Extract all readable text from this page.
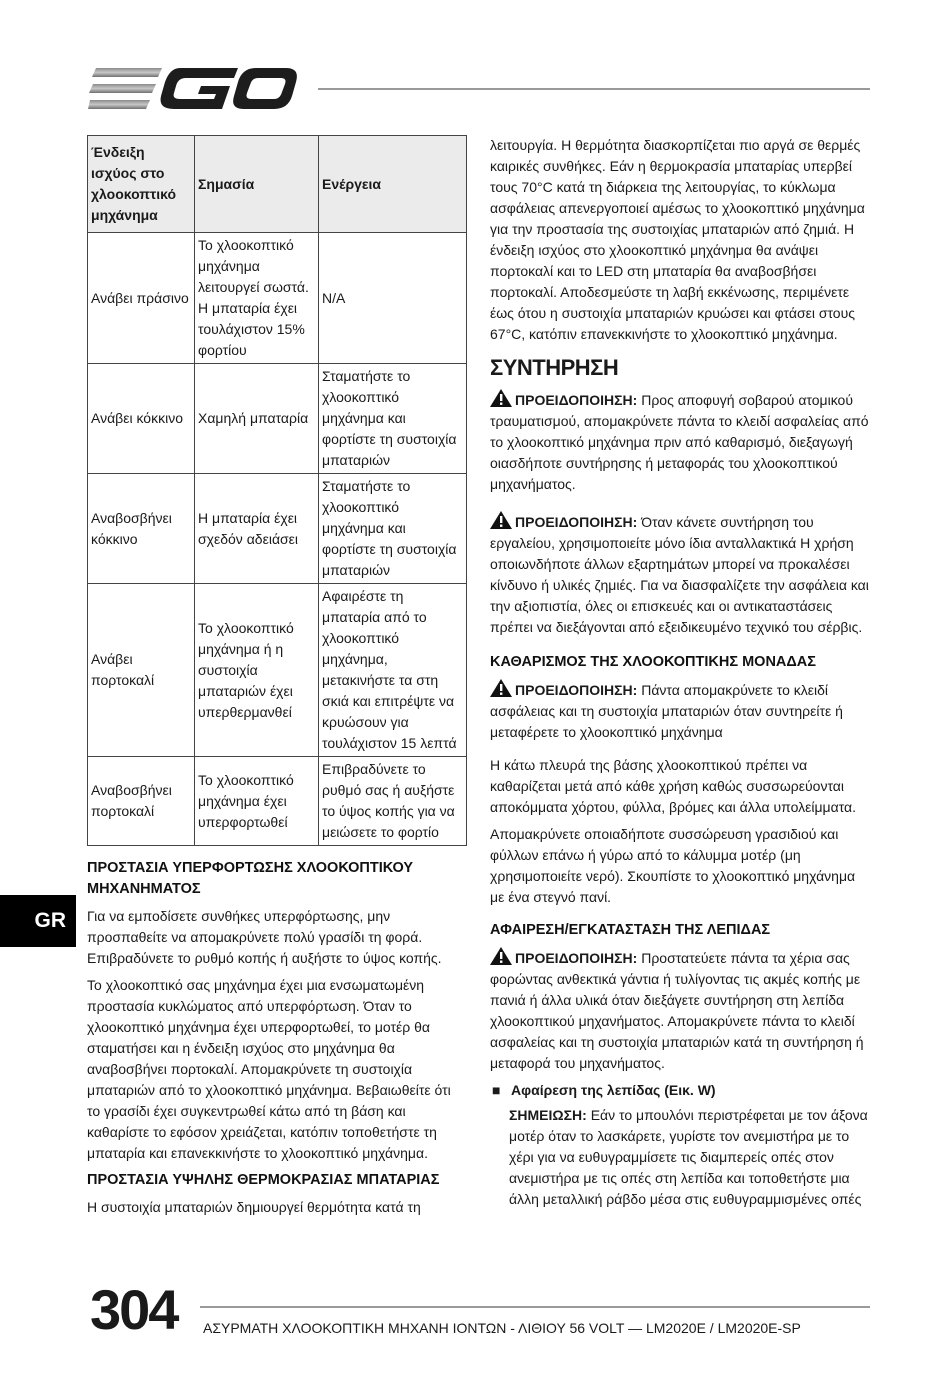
Ένδειξη ισχύος στο χλοοκοπτικό μηχάνημα	Σημασία	Ενέργεια
Ανάβει πράσινο	Το χλοοκοπτικό μηχάνημα λειτουργεί σωστά. Η μπαταρία έχει τουλάχιστον 15% φορτίου	N/A
Ανάβει κόκκινο	Χαμηλή μπαταρία	Σταματήστε το χλοοκοπτικό μηχάνημα και φορτίστε τη συστοιχία μπαταριών
Αναβοσβήνει κόκκινο	Η μπαταρία έχει σχεδόν αδειάσει	Σταματήστε το χλοοκοπτικό μηχάνημα και φορτίστε τη συστοιχία μπαταριών
Ανάβει πορτοκαλί	Το χλοοκοπτικό μηχάνημα ή η συστοιχία μπαταριών έχει υπερθερμανθεί	Αφαιρέστε τη μπαταρία από το χλοοκοπτικό μηχάνημα, μετακινήστε τα στη σκιά και επιτρέψτε να κρυώσουν για τουλάχιστον 15 λεπτά
Αναβοσβήνει πορτοκαλί	Το χλοοκοπτικό μηχάνημα έχει υπερφορτωθεί	Επιβραδύνετε το ρυθμό σας ή αυξήστε το ύψος κοπής για να μειώσετε το φορτίο
ΠΡΟΣΤΑΣΙΑ ΥΠΕΡΦΟΡΤΩΣΗΣ ΧΛΟΟΚΟΠΤΙΚΟΥ ΜΗΧΑΝΗΜΑΤΟΣ

Για να εμποδίσετε συνθήκες υπερφόρτωσης, μην προσπαθείτε να απομακρύνετε πολύ γρασίδι τη φορά. Επιβραδύνετε το ρυθμό κοπής ή αυξήστε το ύψος κοπής.

Το χλοοκοπτικό σας μηχάνημα έχει μια ενσωματωμένη προστασία κυκλώματος από υπερφόρτωση. Όταν το χλοοκοπτικό μηχάνημα έχει υπερφορτωθεί, το μοτέρ θα σταματήσει και η ένδειξη ισχύος στο μηχάνημα θα αναβοσβήνει πορτοκαλί. Απομακρύνετε τη συστοιχία μπαταριών από το χλοοκοπτικό μηχάνημα. Βεβαιωθείτε ότι το γρασίδι έχει συγκεντρωθεί κάτω από τη βάση και καθαρίστε το εφόσον χρειάζεται, κατόπιν τοποθετήστε τη μπαταρία και επανεκκινήστε το χλοοκοπτικό μηχάνημα.

ΠΡΟΣΤΑΣΙΑ ΥΨΗΛΗΣ ΘΕΡΜΟΚΡΑΣΙΑΣ ΜΠΑΤΑΡΙΑΣ

Η συστοιχία μπαταριών δημιουργεί θερμότητα κατά τη

λειτουργία. Η θερμότητα διασκορπίζεται πιο αργά σε θερμές καιρικές συνθήκες. Εάν η θερμοκρασία μπαταρίας υπερβεί τους 70°C κατά τη διάρκεια της λειτουργίας, το κύκλωμα ασφάλειας απενεργοποιεί αμέσως το χλοοκοπτικό μηχάνημα για την προστασία της συστοιχίας μπαταριών από ζημιά. Η ένδειξη ισχύος στο χλοοκοπτικό μηχάνημα θα ανάψει πορτοκαλί και το LED στη μπαταρία θα αναβοσβήσει πορτοκαλί. Αποδεσμεύστε τη λαβή εκκένωσης, περιμένετε έως ότου η συστοιχία μπαταριών κρυώσει και φτάσει στους 67°C, κατόπιν επανεκκινήστε το χλοοκοπτικό μηχάνημα.

ΣΥΝΤΗΡΗΣΗ

ΠΡΟΕΙΔΟΠΟΙΗΣΗ: Προς αποφυγή σοβαρού ατομικού τραυματισμού, απομακρύνετε πάντα το κλειδί ασφαλείας από το χλοοκοπτικό μηχάνημα πριν από καθαρισμό, διεξαγωγή οιασδήποτε συντήρησης ή μεταφοράς του χλοοκοπτικού μηχανήματος.

ΠΡΟΕΙΔΟΠΟΙΗΣΗ: Όταν κάνετε συντήρηση του εργαλείου, χρησιμοποιείτε μόνο ίδια ανταλλακτικά Η χρήση οποιωνδήποτε άλλων εξαρτημάτων μπορεί να προκαλέσει κίνδυνο ή υλικές ζημιές. Για να διασφαλίζετε την ασφάλεια και την αξιοπιστία, όλες οι επισκευές και οι αντικαταστάσεις πρέπει να διεξάγονται από εξειδικευμένο τεχνικό του σέρβις.

ΚΑΘΑΡΙΣΜΟΣ ΤΗΣ ΧΛΟΟΚΟΠΤΙΚΗΣ ΜΟΝΑΔΑΣ

ΠΡΟΕΙΔΟΠΟΙΗΣΗ: Πάντα απομακρύνετε το κλειδί ασφάλειας και τη συστοιχία μπαταριών όταν συντηρείτε ή μεταφέρετε το χλοοκοπτικό μηχάνημα

Η κάτω πλευρά της βάσης χλοοκοπτικού πρέπει να καθαρίζεται μετά από κάθε χρήση καθώς συσσωρεύονται αποκόμματα χόρτου, φύλλα, βρόμες και άλλα υπολείμματα.

Απομακρύνετε οποιαδήποτε συσσώρευση γρασιδιού και φύλλων επάνω ή γύρω από το κάλυμμα μοτέρ (μη χρησιμοποιείτε νερό). Σκουπίστε το χλοοκοπτικό μηχάνημα με ένα στεγνό πανί.

ΑΦΑΙΡΕΣΗ/ΕΓΚΑΤΑΣΤΑΣΗ ΤΗΣ ΛΕΠΙΔΑΣ

ΠΡΟΕΙΔΟΠΟΙΗΣΗ: Προστατεύετε πάντα τα χέρια σας φορώντας ανθεκτικά γάντια ή τυλίγοντας τις ακμές κοπής με πανιά ή άλλα υλικά όταν διεξάγετε συντήρηση στη λεπίδα χλοοκοπτικού μηχανήματος. Απομακρύνετε πάντα το κλειδί ασφαλείας και τη συστοιχία μπαταριών κατά τη συντήρηση ή μεταφορά του μηχανήματος.

■ Αφαίρεση της λεπίδας (Εικ. W)

ΣΗΜΕΙΩΣΗ: Εάν το μπουλόνι περιστρέφεται με τον άξονα μοτέρ όταν το λασκάρετε, γυρίστε τον ανεμιστήρα με το χέρι για να ευθυγραμμίσετε τις διαμπερείς οπές στον ανεμιστήρα με τις οπές στη λεπίδα και τοποθετήστε μια άλλη μεταλλική ράβδο μέσα στις ευθυγραμμισμένες οπές

GR
304 ΑΣΥΡΜΑΤΗ ΧΛΟΟΚΟΠΤΙΚΗ ΜΗΧΑΝΗ ΙΟΝΤΩΝ - ΛΙΘΙΟΥ 56 VOLT — LM2020E / LM2020E-SP
